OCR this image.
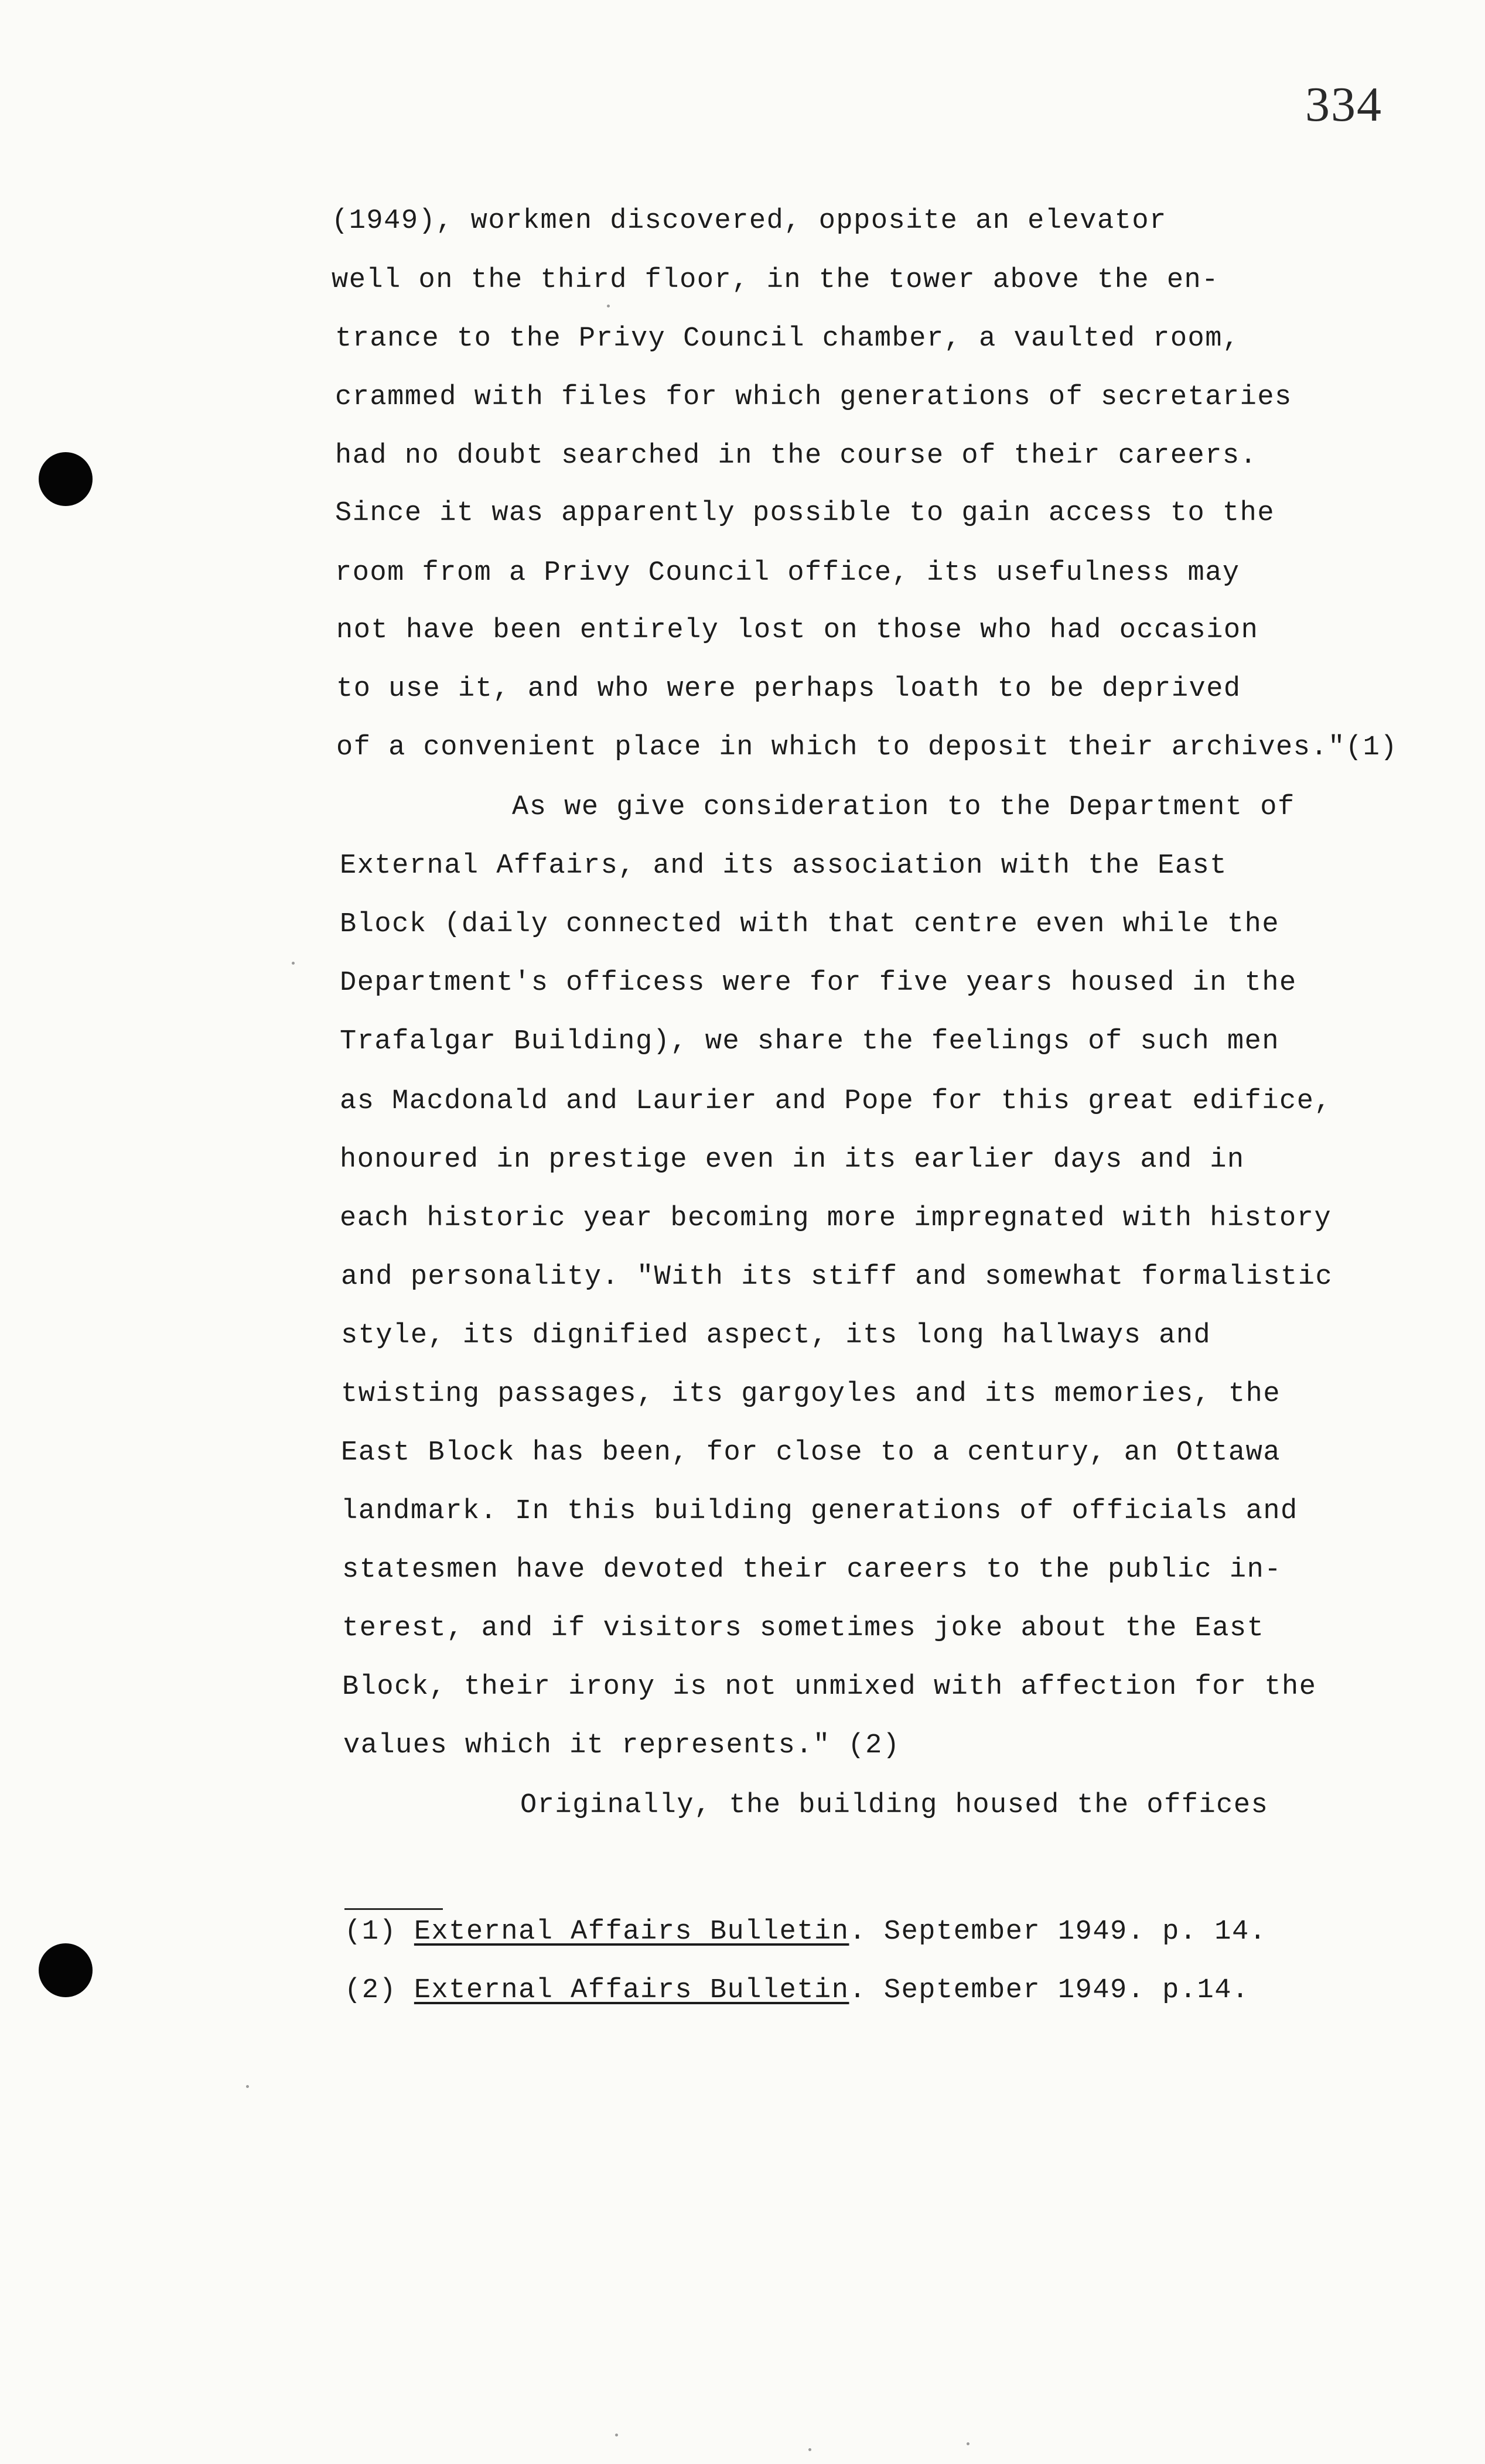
334
(1949), workmen discovered, opposite an elevator
well on the third floor, in the tower above the en-
trance to the Privy Council chamber, a vaulted room,
crammed with files for which generations of secretaries
had no doubt searched in the course of their careers.
Since it was apparently possible to gain access to the
room from a Privy Council office, its usefulness may
not have been entirely lost on those who had occasion
to use it, and who were perhaps loath to be deprived
of a convenient place in which to deposit their archives."(1)
As we give consideration to the Department of
External Affairs, and its association with the East
Block (daily connected with that centre even while the
Department's officess were for five years housed in the
Trafalgar Building), we share the feelings of such men
as Macdonald and Laurier and Pope for this great edifice,
honoured in prestige even in its earlier days and in
each historic year becoming more impregnated with history
and personality. "With its stiff and somewhat formalistic
style, its dignified aspect, its long hallways and
twisting passages, its gargoyles and its memories, the
East Block has been, for close to a century, an Ottawa
landmark. In this building generations of officials and
statesmen have devoted their careers to the public in-
terest, and if visitors sometimes joke about the East
Block, their irony is not unmixed with affection for the
values which it represents." (2)
Originally, the building housed the offices
(1) External Affairs Bulletin. September 1949. p. 14.
(2) External Affairs Bulletin. September 1949. p.14.
